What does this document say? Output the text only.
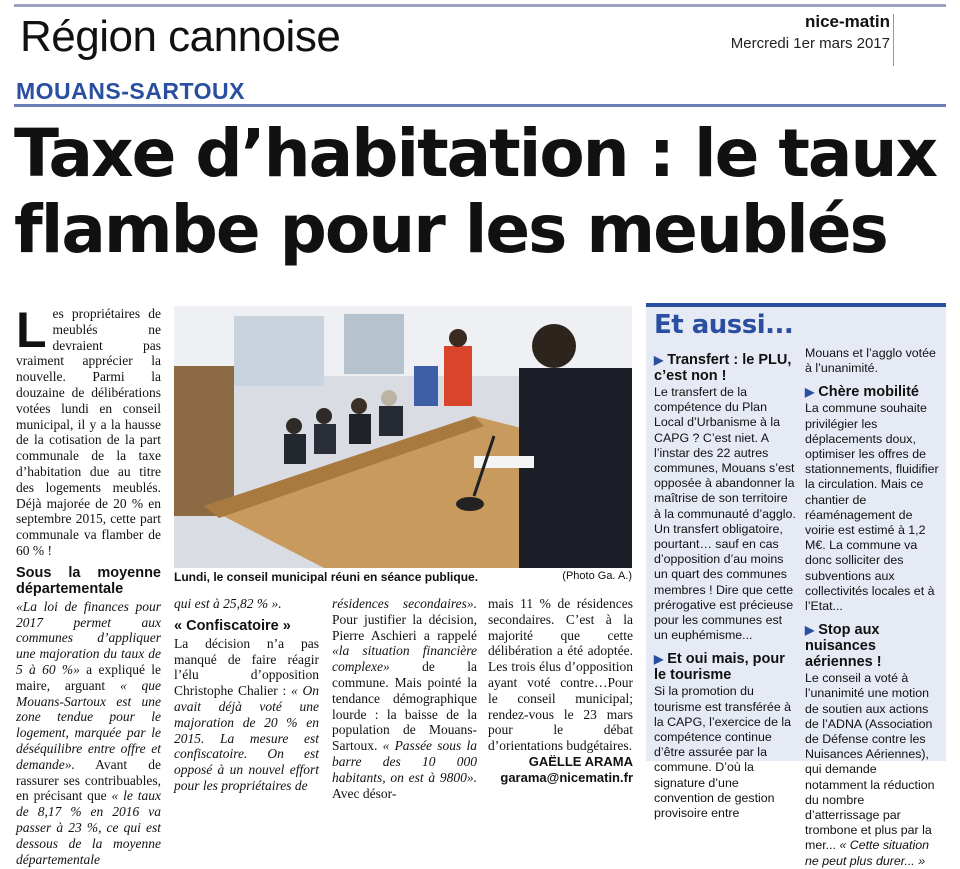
Région cannoise	nice-matin
Mercredi 1er mars 2017
MOUANS-SARTOUX
Taxe d’habitation : le taux flambe pour les meublés

Les propriétaires de meublés ne devraient pas vraiment apprécier la nouvelle. Parmi la douzaine de délibérations votées lundi en conseil municipal, il y a la hausse de la cotisation de la part communale de la taxe d’habitation due au titre des logements meublés. Déjà majorée de 20 % en septembre 2015, cette part communale va flamber de 60 % !

Sous la moyenne départementale

«La loi de finances pour 2017 permet aux communes d’appliquer une majoration du taux de 5 à 60 %» a expliqué le maire, arguant « que Mouans-Sartoux est une zone tendue pour le logement, marquée par le déséquilibre entre offre et demande». Avant de rassurer ses contribuables, en précisant que « le taux de 8,17 % en 2016 va passer à 23 %, ce qui est dessous de la moyenne départementale

Lundi, le conseil municipal réuni en séance publique.	(Photo Ga. A.)

qui est à 25,82 % ».

« Confiscatoire »

La décision n’a pas manqué de faire réagir l’élu d’opposition Christophe Chalier : « On avait déjà voté une majoration de 20 % en 2015. La mesure est confiscatoire. On est opposé à un nouvel effort pour les propriétaires de

résidences secondaires». Pour justifier la décision, Pierre Aschieri a rappelé «la situation financière complexe» de la commune. Mais pointé la tendance démographique lourde : la baisse de la population de Mouans-Sartoux. « Passée sous la barre des 10 000 habitants, on est à 9800». Avec désor-

mais 11 % de résidences secondaires. C’est à la majorité que cette délibération a été adoptée. Les trois élus d’opposition ayant voté contre…Pour le conseil municipal; rendez-vous le 23 mars pour le débat d’orientations budgétaires.

GAËLLE ARAMA
garama@nicematin.fr
Et aussi...
▶ Transfert : le PLU, c’est non !

Le transfert de la compétence du Plan Local d’Urbanisme à la CAPG ? C’est niet. A l’instar des 22 autres communes, Mouans s’est opposée à abandonner la maîtrise de son territoire à la communauté d’agglo. Un transfert obligatoire, pourtant… sauf en cas d’opposition d’au moins un quart des communes membres ! Dire que cette prérogative est précieuse pour les communes est un euphémisme...

▶ Et oui mais, pour le tourisme

Si la promotion du tourisme est transférée à la CAPG, l’exercice de la compétence continue d’être assurée par la commune. D’où la signature d’une convention de gestion provisoire entre

Mouans et l’agglo votée à l’unanimité.

▶ Chère mobilité

La commune souhaite privilégier les déplacements doux, optimiser les offres de stationnements, fluidifier la circulation. Mais ce chantier de réaménagement de voirie est estimé à 1,2 M€. La commune va donc solliciter des subventions aux collectivités locales et à l’Etat...

▶ Stop aux nuisances aériennes !

Le conseil a voté à l’unanimité une motion de soutien aux actions de l’ADNA (Association de Défense contre les Nuisances Aériennes), qui demande notamment la réduction du nombre d’atterrissage par trombone et plus par la mer... « Cette situation ne peut plus durer... »
